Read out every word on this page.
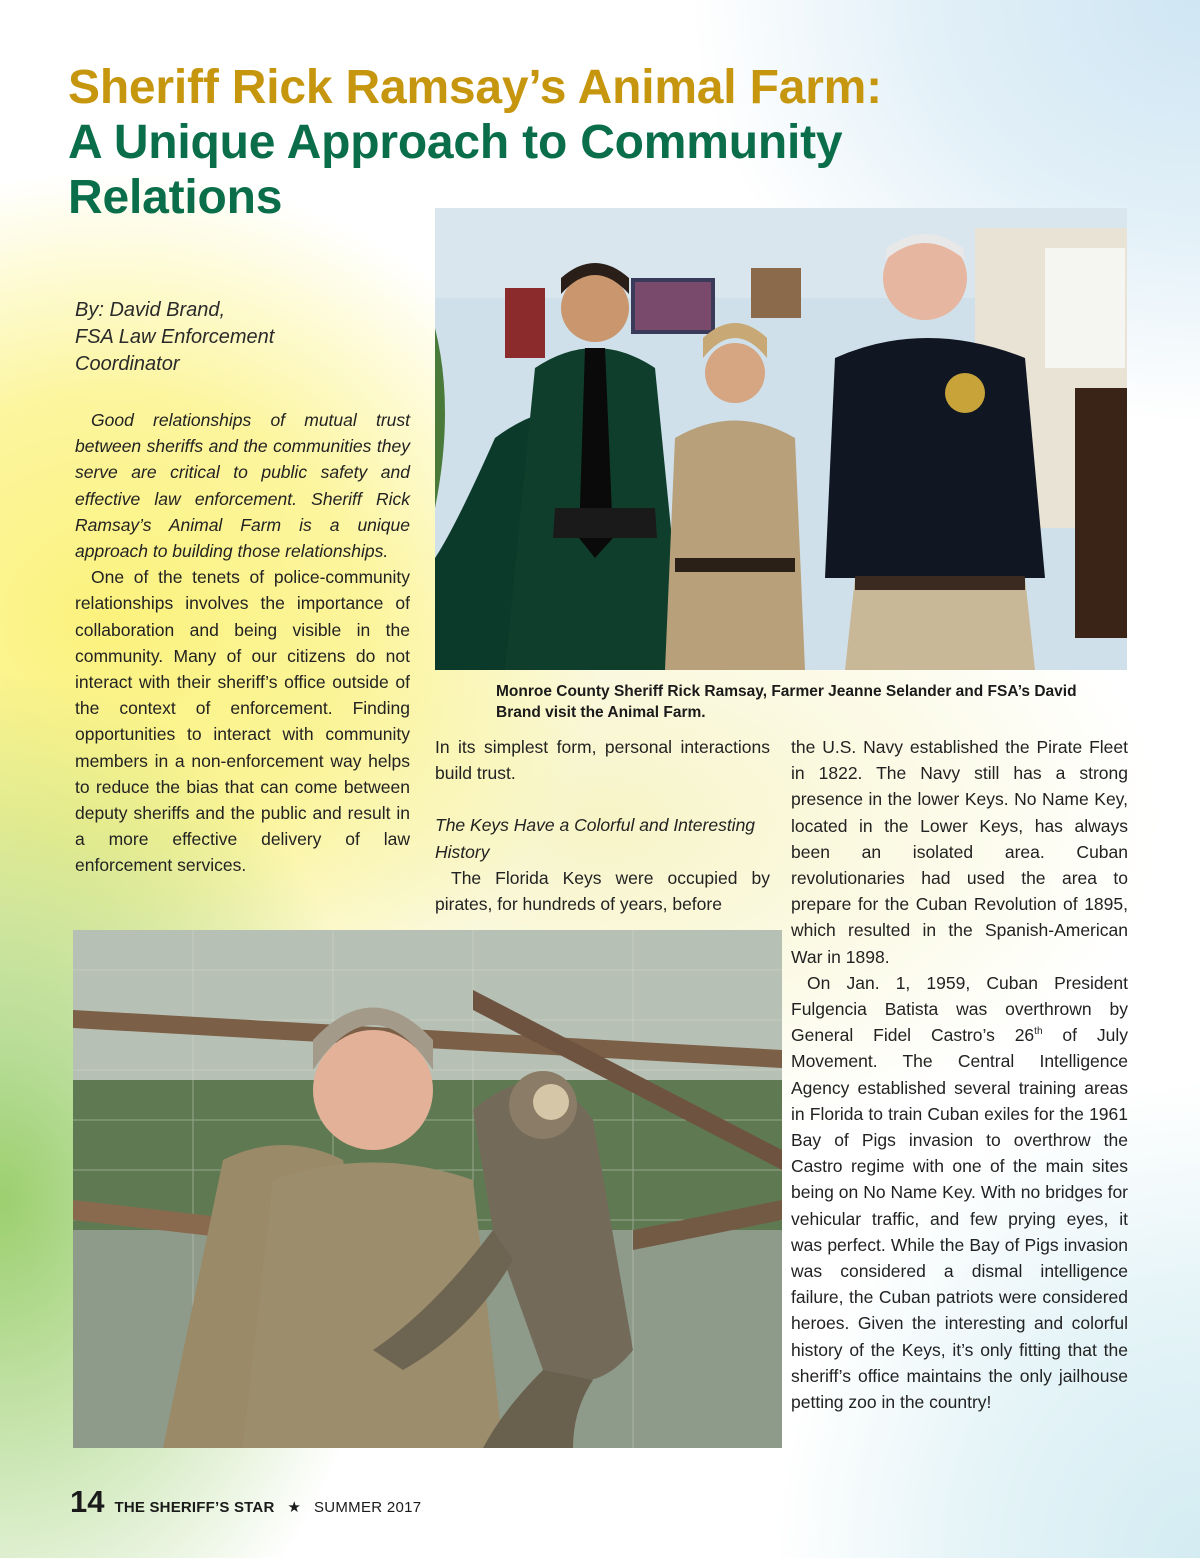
Sheriff Rick Ramsay’s Animal Farm:
A Unique Approach to Community
Relations
Monroe County Sheriff Rick Ramsay, Farmer Jeanne Selander and FSA’s David Brand visit the Animal Farm.
By: David Brand,
FSA Law Enforcement
Coordinator

Good relationships of mutual trust between sheriffs and the communities they serve are critical to public safety and effective law enforcement. Sheriff Rick Ramsay’s Animal Farm is a unique approach to building those relationships.

One of the tenets of police-community relationships involves the importance of collaboration and being visible in the community. Many of our citizens do not interact with their sheriff’s office outside of the context of enforcement. Finding opportunities to interact with community members in a non-enforcement way helps to reduce the bias that can come between deputy sheriffs and the public and result in a more effective delivery of law enforcement services.

In its simplest form, personal interactions build trust.

The Keys Have a Colorful and Interesting History

The Florida Keys were occupied by pirates, for hundreds of years, before

the U.S. Navy established the Pirate Fleet in 1822. The Navy still has a strong presence in the lower Keys. No Name Key, located in the Lower Keys, has always been an isolated area. Cuban revolutionaries had used the area to prepare for the Cuban Revolution of 1895, which resulted in the Spanish-American War in 1898.

On Jan. 1, 1959, Cuban President Fulgencia Batista was overthrown by General Fidel Castro’s 26th of July Movement. The Central Intelligence Agency established several training areas in Florida to train Cuban exiles for the 1961 Bay of Pigs invasion to overthrow the Castro regime with one of the main sites being on No Name Key. With no bridges for vehicular traffic, and few prying eyes, it was perfect. While the Bay of Pigs invasion was considered a dismal intelligence failure, the Cuban patriots were considered heroes. Given the interesting and colorful history of the Keys, it’s only fitting that the sheriff’s office maintains the only jailhouse petting zoo in the country!

14 THE SHERIFF’S STAR ★ SUMMER 2017
